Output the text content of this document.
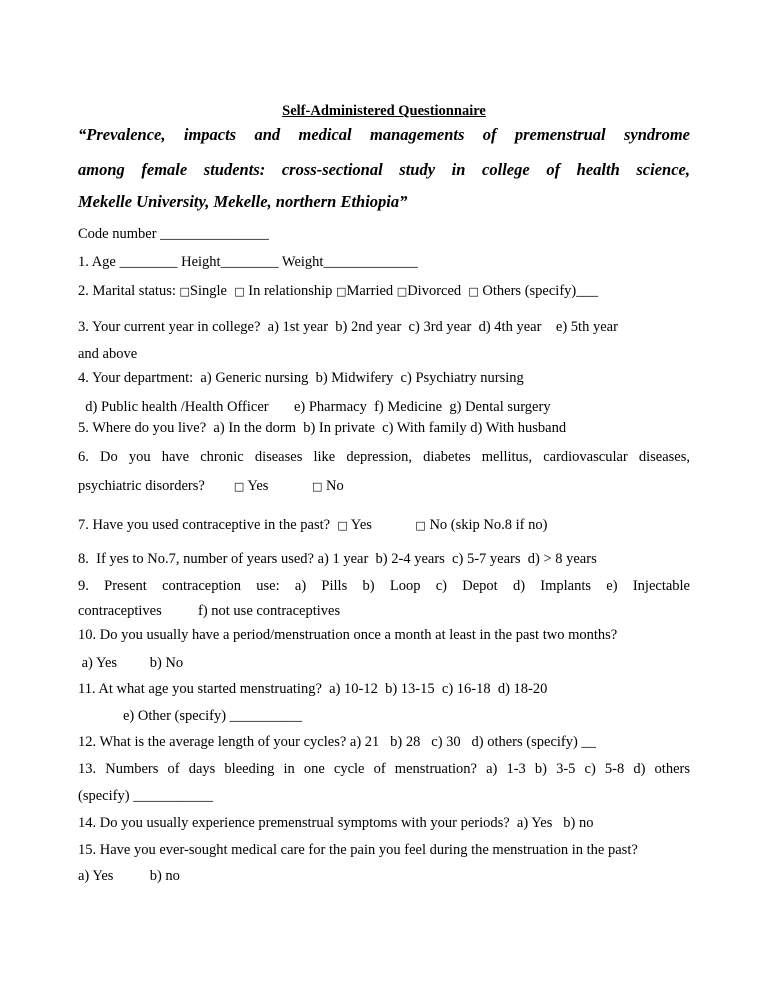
Self-Administered Questionnaire
“Prevalence, impacts and medical managements of premenstrual syndrome
among female students: cross-sectional study in college of health science,
Mekelle University, Mekelle, northern Ethiopia”
Code number _______________
1. Age ________ Height________ Weight_____________
2. Marital status: □Single □ In relationship □Married □Divorced  □ Others (specify)___
3. Your current year in college?  a) 1st year  b) 2nd year  c) 3rd year  d) 4th year    e) 5th year
and above
4. Your department:  a) Generic nursing  b) Midwifery  c) Psychiatry nursing
d) Public health /Health Officer       e) Pharmacy  f) Medicine  g) Dental surgery
5. Where do you live?  a) In the dorm  b) In private  c) With family d) With husband
6. Do you have chronic diseases like depression, diabetes mellitus, cardiovascular diseases,
psychiatric disorders?	□ Yes	□ No
7. Have you used contraceptive in the past? □ Yes	□ No (skip No.8 if no)
8.  If yes to No.7, number of years used? a) 1 year  b) 2-4 years  c) 5-7 years  d) > 8 years
9. Present contraception use: a) Pills b) Loop c) Depot d) Implants e) Injectable
contraceptives          f) not use contraceptives
10. Do you usually have a period/menstruation once a month at least in the past two months?
a) Yes         b) No
11. At what age you started menstruating?  a) 10-12  b) 13-15  c) 16-18  d) 18-20
e) Other (specify) __________
12. What is the average length of your cycles? a) 21   b) 28   c) 30   d) others (specify) __
13. Numbers of days bleeding in one cycle of menstruation? a) 1-3 b) 3-5 c) 5-8 d) others
(specify) ___________
14. Do you usually experience premenstrual symptoms with your periods?  a) Yes   b) no
15. Have you ever-sought medical care for the pain you feel during the menstruation in the past?
a) Yes          b) no
